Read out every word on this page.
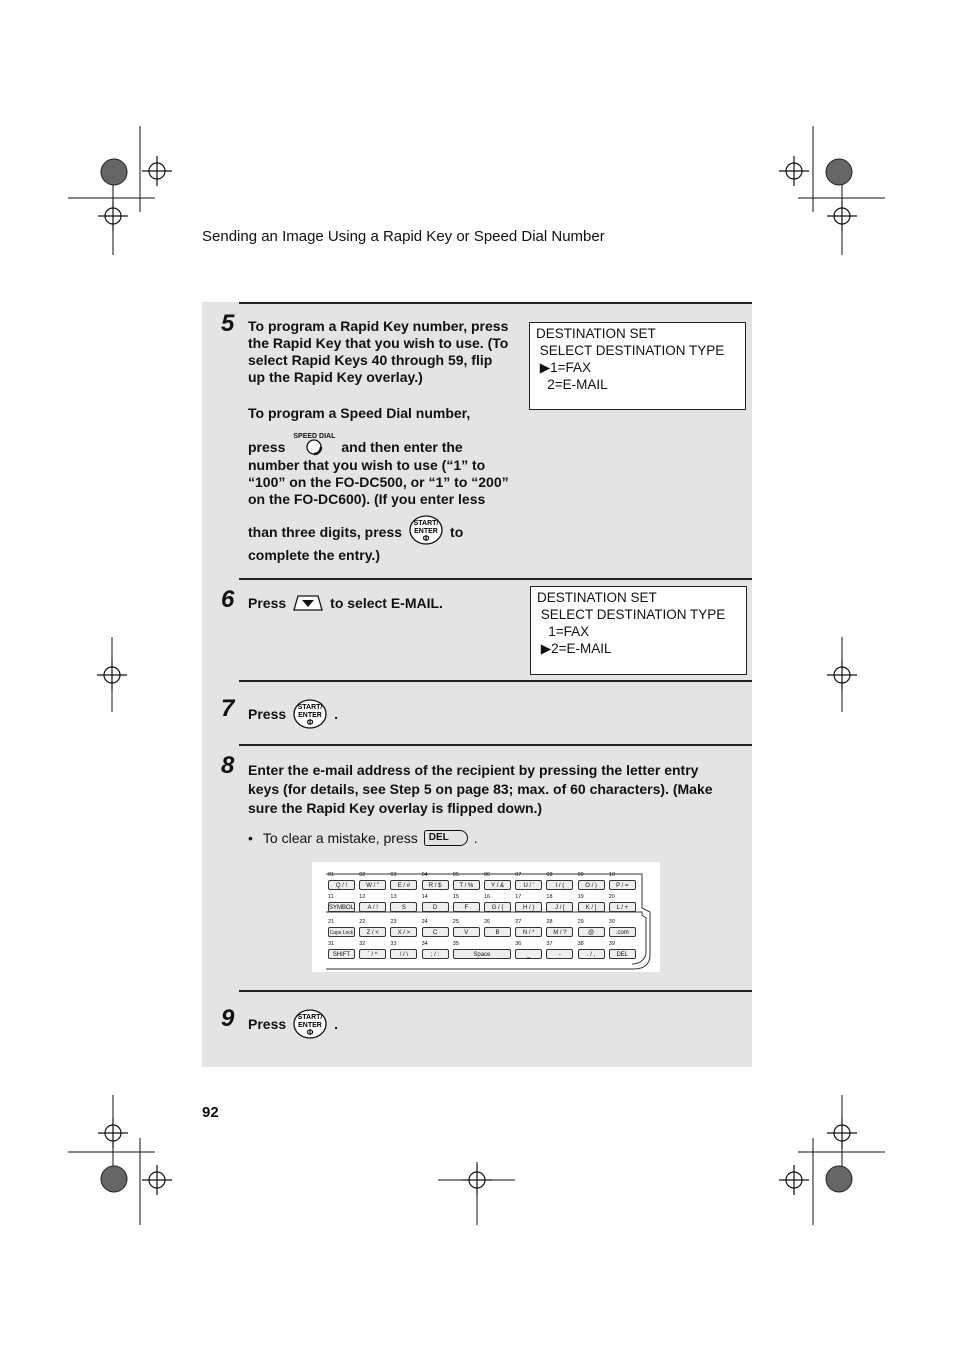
Sending an Image Using a Rapid Key or Speed Dial Number
5 To program a Rapid Key number, press
the Rapid Key that you wish to use. (To
select Rapid Keys 40 through 59, flip
up the Rapid Key overlay.)
To program a Speed Dial number,
press
SPEED DIAL
and then enter the
number that you wish to use (“1” to
“100” on the FO-DC500, or “1” to “200”
on the FO-DC600). (If you enter less
than three digits, press START/
ENTER
Φ to
complete the entry.)
DESTINATION SET
SELECT DESTINATION TYPE
▶1=FAX
2=E-MAIL
6 Press	to select E-MAIL.	DESTINATION SET
SELECT DESTINATION TYPE
1=FAX
▶2=E-MAIL
7 Press START/
ENTER
Φ
.
8 Enter the e-mail address of the recipient by pressing the letter entry
keys (for details, see Step 5 on page 83; max. of 60 characters). (Make
sure the Rapid Key overlay is flipped down.)
• To clear a mistake, press	DEL	.
01
Q / !
02
W / "
03
E / #
04
R / $
05
T / %
06
Y / &
07
U / '
08
I / (
09
O / )
10
P / =
11
SYMBOL
12
A / !
13
S
14
D
15
F
16
G / {
17
H / }
18
J / [
19
K / ]
20
L / +
21
Caps Lock
22
Z / <
23
X / >
24
C
25
V
26
B
27
N / *
28
M / ?
29
@
30
.com
31
SHIFT
32
` / ^
33
/ / \
34
; / :
35
Space
36
_
37
-
38
. / ,
39
DEL
9 Press START/
ENTER
Φ
.
92
